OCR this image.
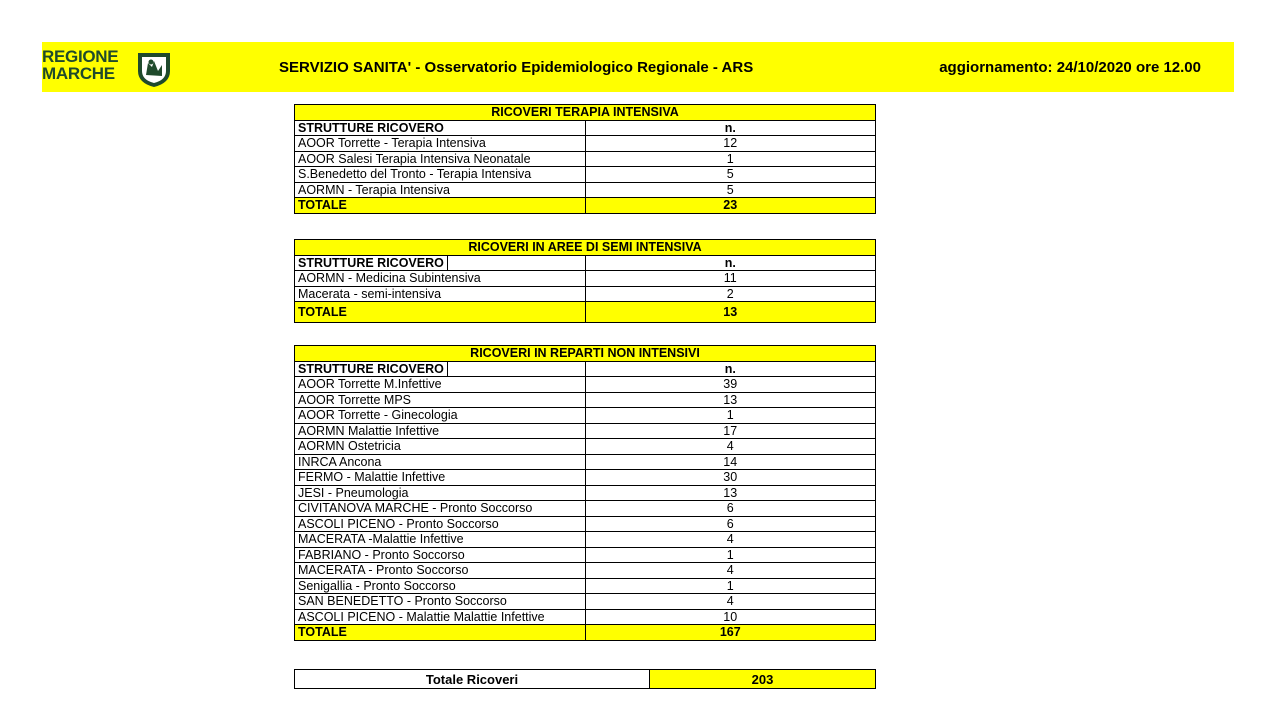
REGIONE
MARCHE	SERVIZIO SANITA' - Osservatorio Epidemiologico Regionale - ARS	aggiornamento: 24/10/2020 ore 12.00
RICOVERI TERAPIA INTENSIVA	
STRUTTURE RICOVERO	n.
AOOR Torrette - Terapia Intensiva	12
AOOR Salesi Terapia Intensiva Neonatale	1
S.Benedetto del Tronto - Terapia Intensiva	5
AORMN - Terapia Intensiva	5
TOTALE	23
RICOVERI IN AREE DI SEMI INTENSIVA	
STRUTTURE RICOVERO	n.
AORMN - Medicina Subintensiva	11
Macerata - semi-intensiva	2
TOTALE	13
RICOVERI IN REPARTI NON INTENSIVI	
STRUTTURE RICOVERO	n.
AOOR Torrette M.Infettive	39
AOOR Torrette MPS	13
AOOR Torrette - Ginecologia	1
AORMN Malattie Infettive	17
AORMN Ostetricia	4
INRCA Ancona	14
FERMO - Malattie Infettive	30
JESI - Pneumologia	13
CIVITANOVA MARCHE - Pronto Soccorso	6
ASCOLI PICENO - Pronto Soccorso	6
MACERATA -Malattie Infettive	4
FABRIANO - Pronto Soccorso	1
MACERATA - Pronto Soccorso	4
Senigallia - Pronto Soccorso	1
SAN BENEDETTO - Pronto Soccorso	4
ASCOLI PICENO - Malattie Malattie Infettive	10
TOTALE	167
Totale Ricoveri	203
